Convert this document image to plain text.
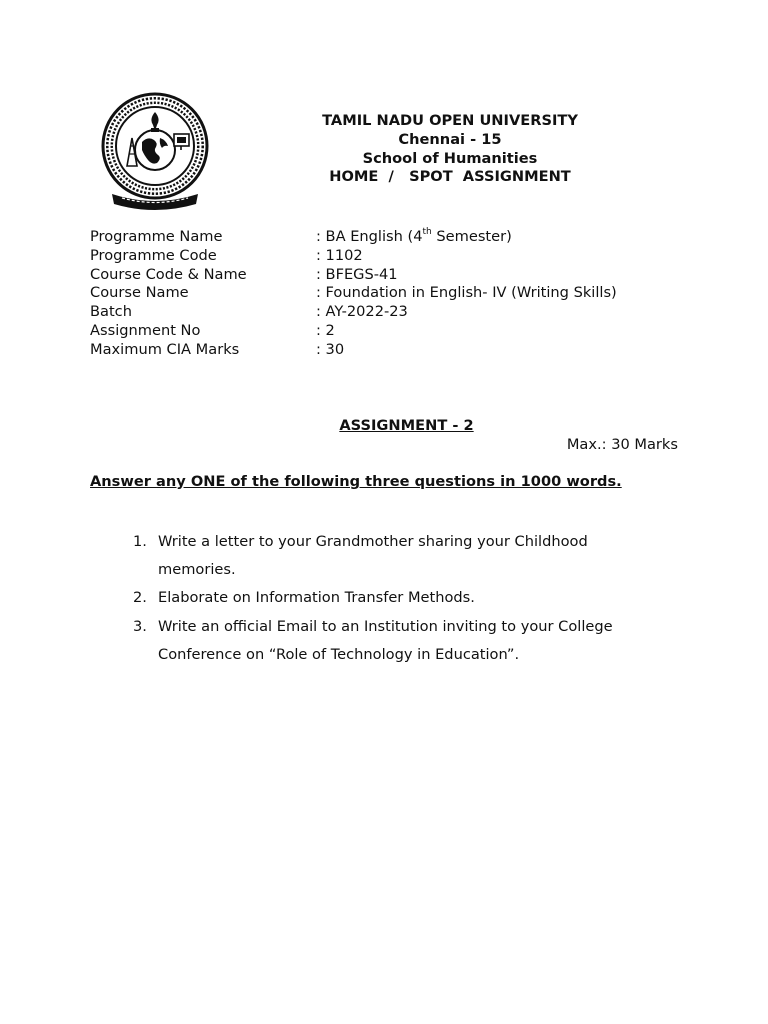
TAMIL NADU OPEN UNIVERSITY
Chennai - 15
School of Humanities
HOME  /   SPOT  ASSIGNMENT
Programme Name	: BA English (4th Semester)
Programme Code	: 1102
Course Code & Name	: BFEGS-41
Course Name	: Foundation in English- IV (Writing Skills)
Batch	: AY-2022-23
Assignment No	: 2
Maximum CIA Marks	: 30
ASSIGNMENT - 2
Max.: 30 Marks
Answer any ONE of the following three questions in 1000 words.
1. Write a letter to your Grandmother sharing your Childhood memories.
2. Elaborate on Information Transfer Methods.
3. Write an official Email to an Institution inviting to your College Conference on “Role of Technology in Education”.
